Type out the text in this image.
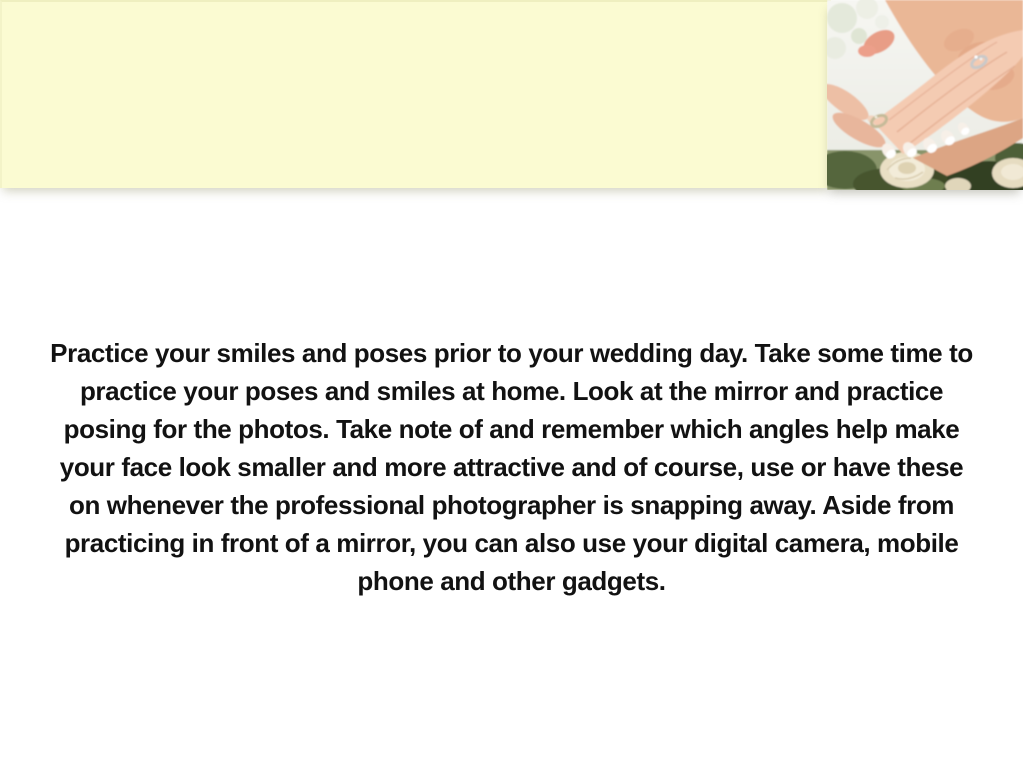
Practice your smiles and poses prior to your wedding day. Take some time to practice your poses and smiles at home. Look at the mirror and practice posing for the photos. Take note of and remember which angles help make your face look smaller and more attractive and of course, use or have these on whenever the professional photographer is snapping away. Aside from practicing in front of a mirror, you can also use your digital camera, mobile phone and other gadgets.
